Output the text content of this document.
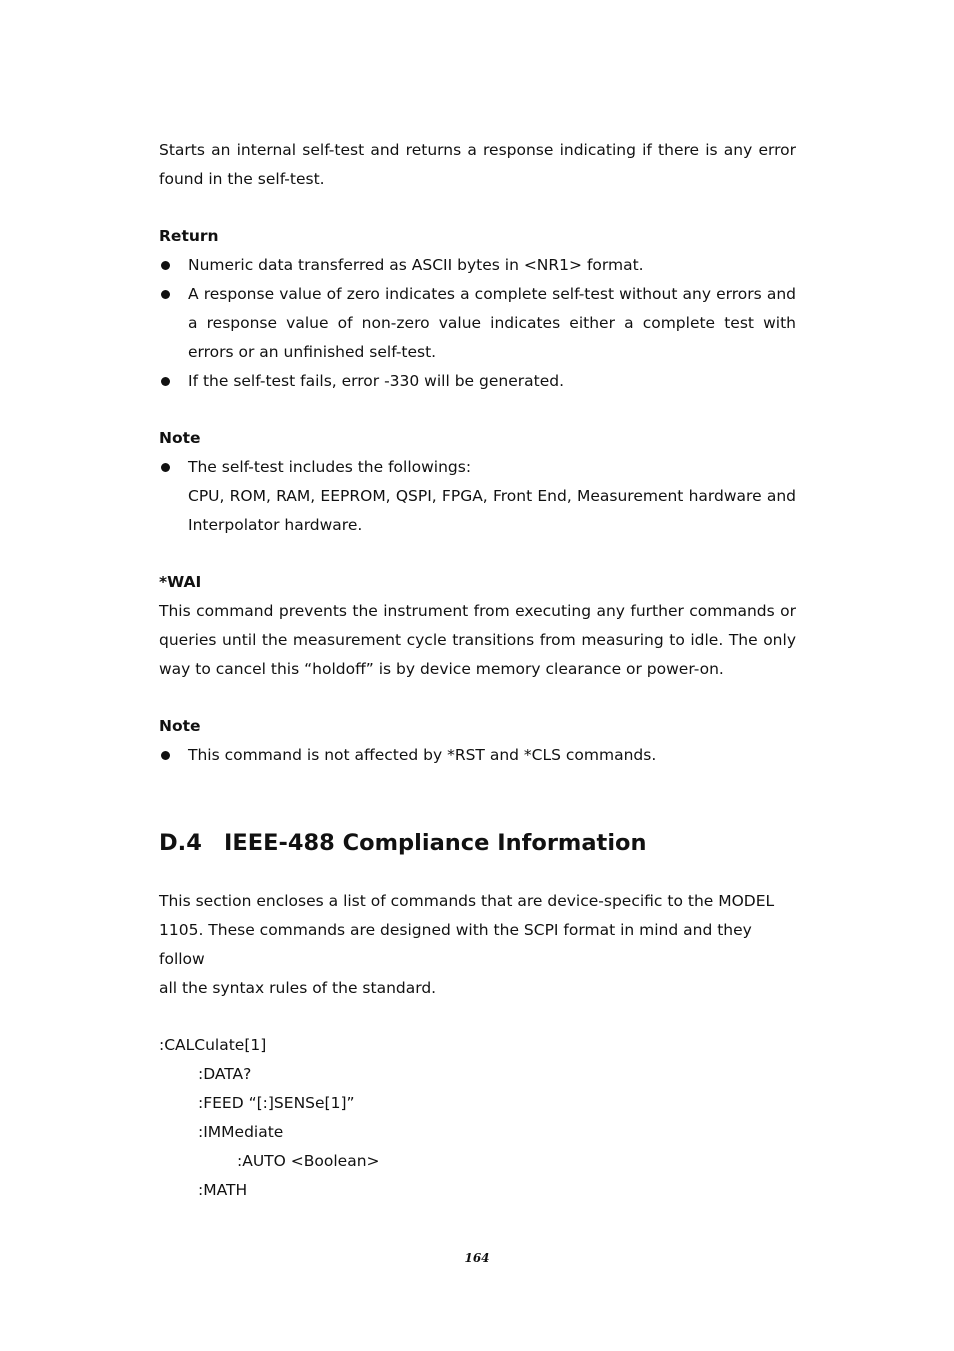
Starts an internal self-test and returns a response indicating if there is any error found in the self-test.

Return

Numeric data transferred as ASCII bytes in <NR1> format.
A response value of zero indicates a complete self-test without any errors and a response value of non-zero value indicates either a complete test with errors or an unfinished self-test.
If the self-test fails, error -330 will be generated.

Note

The self-test includes the followings:
CPU, ROM, RAM, EEPROM, QSPI, FPGA, Front End, Measurement hardware and Interpolator hardware.

*WAI

This command prevents the instrument from executing any further commands or queries until the measurement cycle transitions from measuring to idle. The only way to cancel this “holdoff” is by device memory clearance or power-on.

Note

This command is not affected by *RST and *CLS commands.
D.4 IEEE-488 Compliance Information

This section encloses a list of commands that are device-specific to the MODEL 1105. These commands are designed with the SCPI format in mind and they follow

all the syntax rules of the standard.

:CALCulate[1]
:DATA?
:FEED “[:]SENSe[1]”
:IMMediate
:AUTO <Boolean>
:MATH
164
